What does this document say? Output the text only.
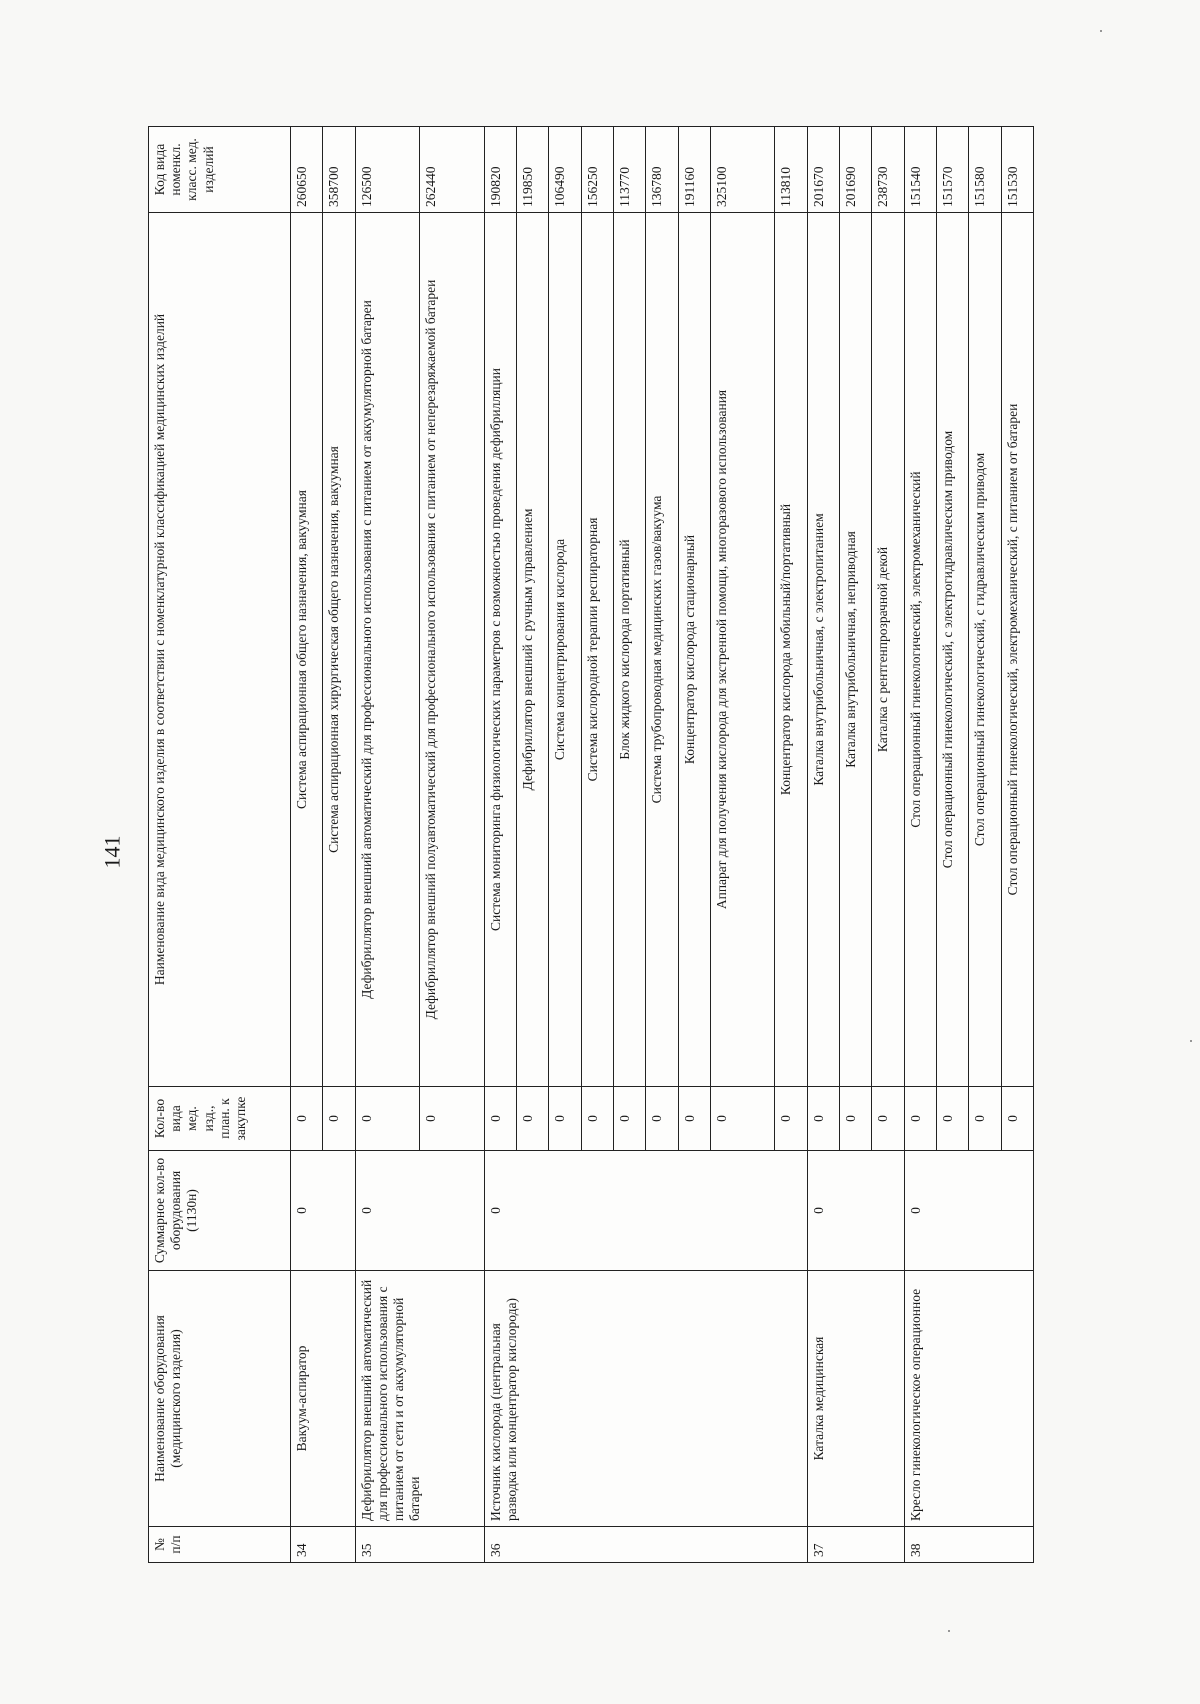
141
№ п/п	Наименование оборудования (медицинского изделия)	Суммарное кол-во оборудования (1130н)	Кол-во вида мед. изд., план. к закупке	Наименование вида медицинского изделия в соответствии с номенклатурной классификацией медицинских изделий	Код вида номенкл. класс. мед. изделий
34	Вакуум-аспиратор	0	0	Система аспирационная общего назначения, вакуумная	260650
			0	Система аспирационная хирургическая общего назначения, вакуумная	358700
35	Дефибриллятор внешний автоматический для профессионального использования с питанием от сети и от аккумуляторной батареи	0	0	Дефибриллятор внешний автоматический для профессионального использования с питанием от аккумуляторной батареи	126500
			0	Дефибриллятор внешний полуавтоматический для профессионального использования с питанием от неперезаряжаемой батареи	262440
36	Источник кислорода (центральная разводка или концентратор кислорода)	0	0	Система мониторинга физиологических параметров с возможностью проведения дефибрилляции	190820
			0	Дефибриллятор внешний с ручным управлением	119850
			0	Система концентрирования кислорода	106490
			0	Система кислородной терапии респираторная	156250
			0	Блок жидкого кислорода портативный	113770
			0	Система трубопроводная медицинских газов/вакуума	136780
			0	Концентратор кислорода стационарный	191160
			0	Аппарат для получения кислорода для экстренной помощи, многоразового использования	325100
			0	Концентратор кислорода мобильный/портативный	113810
37	Каталка медицинская	0	0	Каталка внутрибольничная, с электропитанием	201670
			0	Каталка внутрибольничная, неприводная	201690
			0	Каталка с рентгенпрозрачной декой	238730
38	Кресло гинекологическое операционное	0	0	Стол операционный гинекологический, электромеханический	151540
			0	Стол операционный гинекологический, с электрогидравлическим приводом	151570
			0	Стол операционный гинекологический, с гидравлическим приводом	151580
			0	Стол операционный гинекологический, электромеханический, с питанием от батареи	151530
